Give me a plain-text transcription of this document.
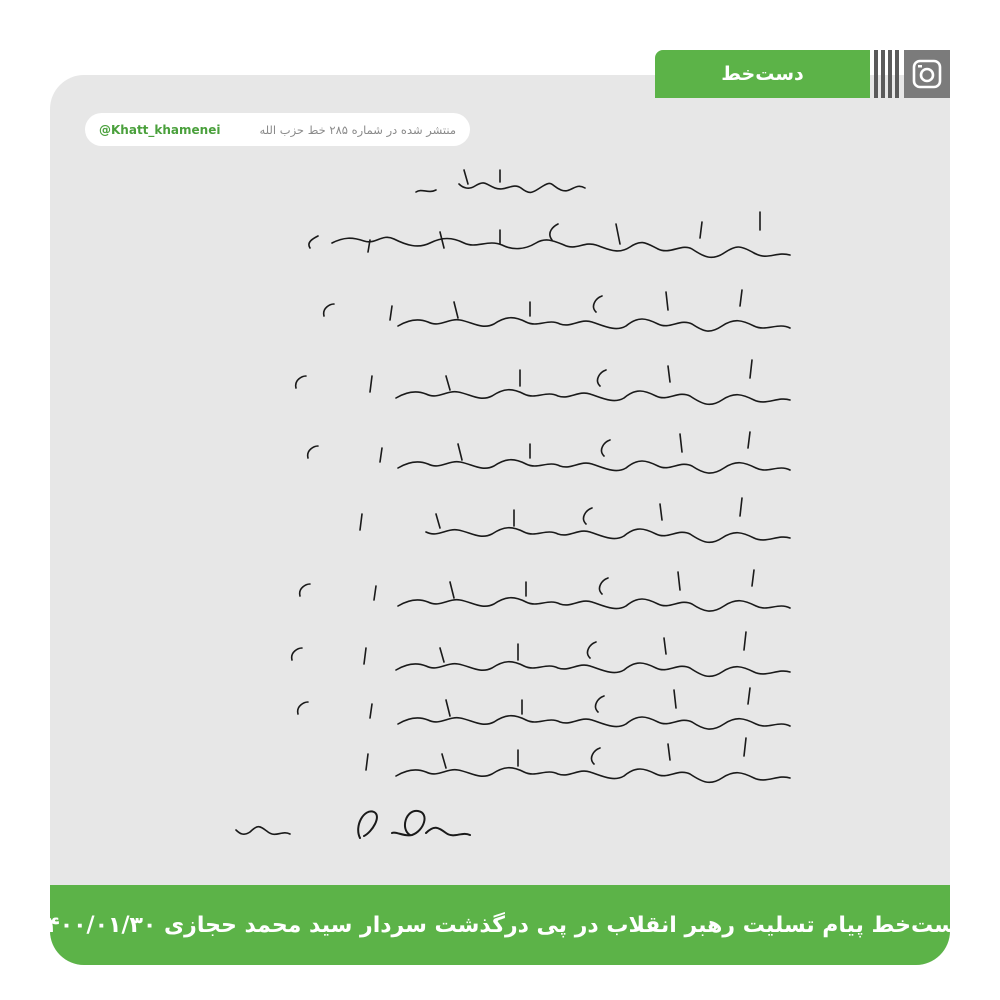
دست‌خط
@Khatt_khamenei	منتشر شده در شماره ۲۸۵ خط حزب الله
دست‌خط پیام تسلیت رهبر انقلاب در پی درگذشت سردار سید محمد حجازی ۱۴۰۰/۰۱/۳۰
